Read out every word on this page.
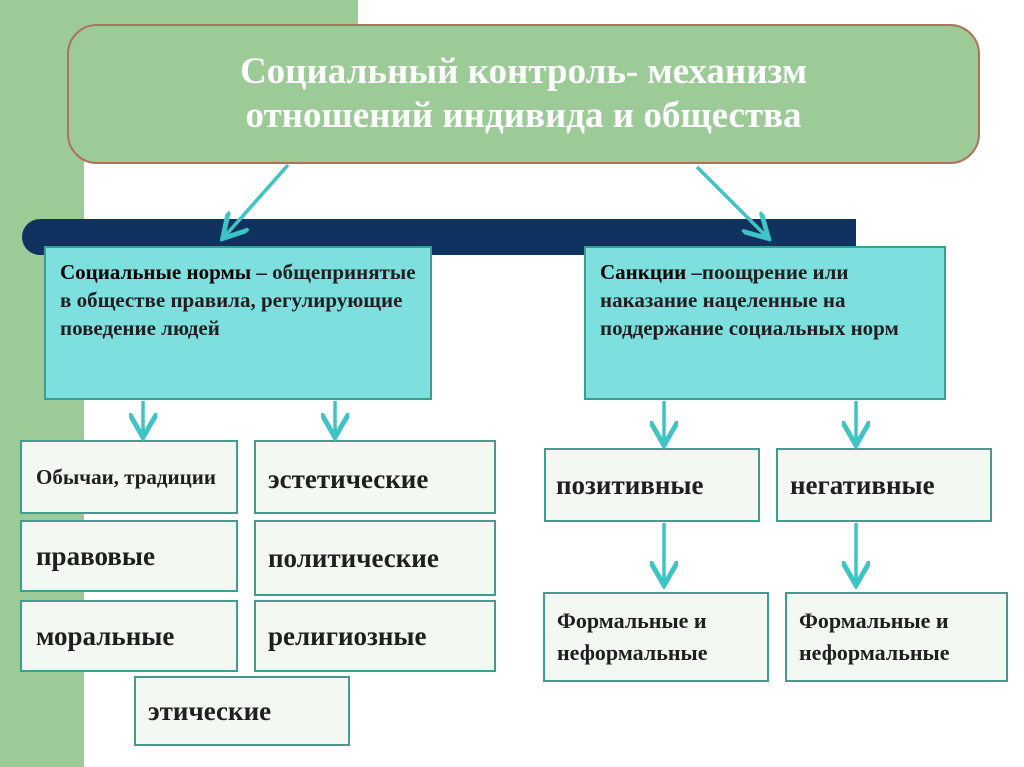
Социальный контроль- механизм
отношений индивида и общества
Социальные нормы – общепринятые в обществе правила, регулирующие поведение людей
Санкции –поощрение или наказание нацеленные на поддержание социальных норм
Обычаи, традиции эстетические
правовые	политические
моральные	религиозные
этические
позитивные	негативные
Формальные и неформальные
Формальные и неформальные
